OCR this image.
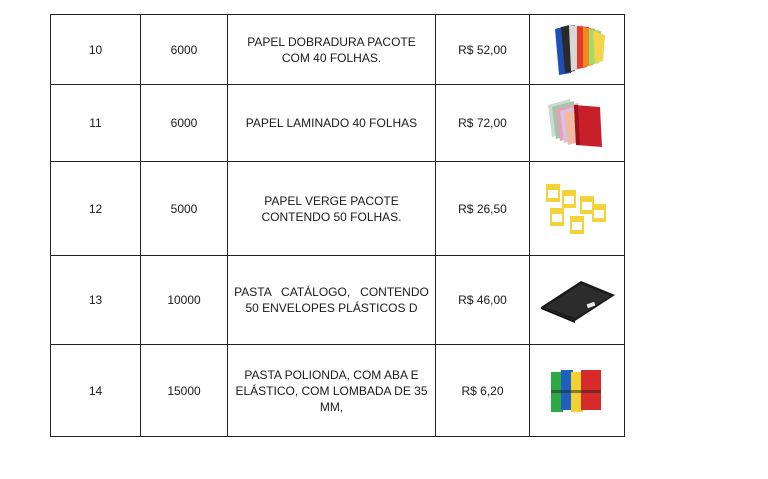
10	6000	PAPEL DOBRADURA PACOTE
COM 40 FOLHAS.	R$ 52,00	

11	6000	PAPEL LAMINADO 40 FOLHAS	R$ 72,00	

12	5000	PAPEL VERGE PACOTE
CONTENDO 50 FOLHAS.	R$ 26,50	

13	10000	PASTA   CATÁLOGO,   CONTENDO
50 ENVELOPES PLÁSTICOS D	R$ 46,00	

14	15000	PASTA POLIONDA, COM ABA E
ELÁSTICO, COM LOMBADA DE 35
MM,	R$ 6,20	
